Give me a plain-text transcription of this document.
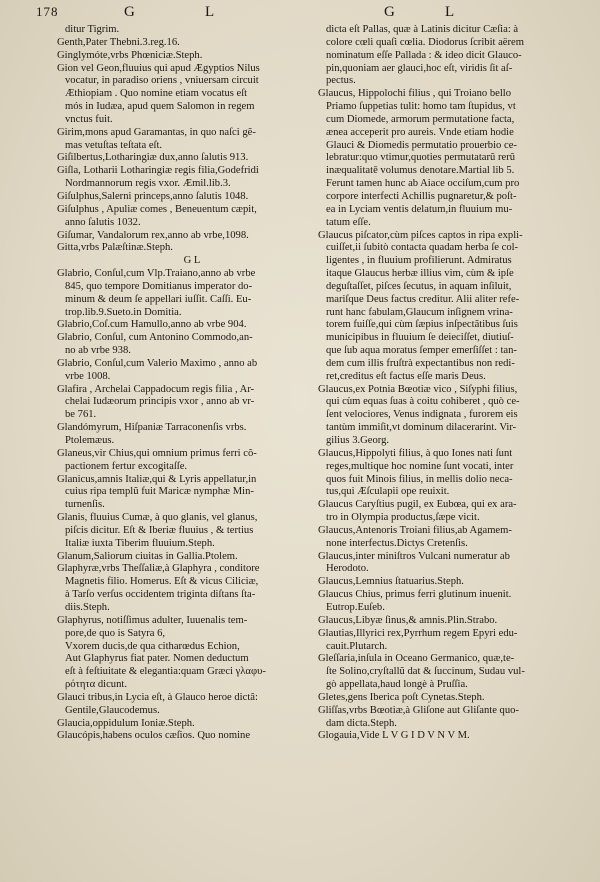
178	G	L	G	L
ditur Tigrim.
Genth,Pater Thebni.3.reg.16.
Ginglymóte,vrbs Phœniciæ.Steph.
Gion vel Geon,fluuius qui apud Ægyptios Nilus
vocatur, in paradiso oriens , vniuersam circuit
Æthiopiam . Quo nomine etiam vocatus eſt
mós in Iudæa, apud quem Salomon in regem
vnctus fuit.
Girim,mons apud Garamantas, in quo naſci gẽ-
mas vetuſtas teſtata eſt.
Giſilbertus,Lotharingiæ dux,anno ſalutis 913.
Giſla, Lotharii Lotharingiæ regis filia,Godefridi
Nordmannorum regis vxor. Æmil.lib.3.
Giſulphus,Salerni princeps,anno ſalutis 1048.
Giſulphus , Apuliæ comes , Beneuentum cæpit,
anno ſalutis 1032.
Giſumar, Vandalorum rex,anno ab vrbe,1098.
Gitta,vrbs Palæſtinæ.Steph.
G L
Glabrio, Conſul,cum Vlp.Traiano,anno ab vrbe
845, quo tempore Domitianus imperator do-
minum & deum ſe appellari iuſſit. Caſſi. Eu-
trop.lib.9.Sueto.in Domitia.
Glabrio,Coſ.cum Hamullo,anno ab vrbe 904.
Glabrio, Conſul, cum Antonino Commodo,an-
no ab vrbe 938.
Glabrio, Conſul,cum Valerio Maximo , anno ab
vrbe 1008.
Glafira , Archelai Cappadocum regis filia , Ar-
chelai Iudæorum principis vxor , anno ab vr-
be 761.
Glandómyrum, Hiſpaniæ Tarraconenſis vrbs.
Ptolemæus.
Glaneus,vir Chius,qui omnium primus ferri cõ-
pactionem fertur excogitaſſe.
Glanicus,amnis Italiæ,qui & Lyris appellatur,in
cuius ripa templũ fuit Maricæ nymphæ Min-
turnenſis.
Glanis, fluuius Cumæ, à quo glanis, vel glanus,
piſcis dicitur. Eſt & Iberiæ fluuius , & tertius
Italiæ iuxta Tiberim fluuium.Steph.
Glanum,Saliorum ciuitas in Gallia.Ptolem.
Glaphyræ,vrbs Theſſaliæ,à Glaphyra , conditore
Magnetis filio. Homerus. Eſt & vicus Ciliciæ,
à Tarſo verſus occidentem triginta diſtans ſta-
diis.Steph.
Glaphyrus, notiſſimus adulter, Iuuenalis tem-
pore,de quo is Satyra 6,
Vxorem ducis,de qua citharœdus Echion,
Aut Glaphyrus fiat pater. Nomen deductum
eſt à feſtiuitate & elegantia:quam Græci γλαφυ-
ρότητα dicunt.
Glauci tribus,in Lycia eſt, à Glauco heroe dictâ:
Gentile,Glaucodemus.
Glaucia,oppidulum Ioniæ.Steph.
Glaucópis,habens oculos cæſios. Quo nomine
dicta eſt Pallas, quæ à Latinis dicitur Cæſia: à
colore cœli quaſi cœlia. Diodorus ſcribit aërem
nominatum eſſe Pallada : & ideo dicit Glauco-
pin,quoniam aer glauci,hoc eſt, viridis ſit aſ-
pectus.
Glaucus, Hippolochi filius , qui Troiano bello
Priamo ſuppetias tulit: homo tam ſtupidus, vt
cum Diomede, armorum permutatione facta,
ænea acceperit pro aureis. Vnde etiam hodie
Glauci & Diomedis permutatio prouerbio ce-
lebratur:quo vtimur,quoties permutatarũ rerũ
inæqualitatē volumus denotare.Martial lib 5.
Ferunt tamen hunc ab Aiace occiſum,cum pro
corpore interfecti Achillis pugnaretur,& poſt-
ea in Lyciam ventis delatum,in fluuium mu-
tatum eſſe.
Glaucus piſcator,cùm piſces captos in ripa expli-
cuiſſet,ii ſubitò contacta quadam herba ſe col-
ligentes , in fluuium profilierunt. Admiratus
itaque Glaucus herbæ illius vim, cùm & ipſe
deguſtaſſet, piſces ſecutus, in aquam inſiluit,
mariſque Deus factus creditur. Alii aliter refe-
runt hanc fabulam,Glaucum inſignem vrina-
torem fuiſſe,qui cùm ſæpius inſpectãtibus ſuis
municipibus in fluuium ſe deieciſſet, diutiuſ-
que ſub aqua moratus ſemper emerſiſſet : tan-
dem cum illis fruſtrà expectantibus non redi-
ret,creditus eſt factus eſſe maris Deus.
Glaucus,ex Potnia Bœotiæ vico , Siſyphi filius,
qui cùm equas ſuas à coitu cohiberet , quò ce-
ſent velociores, Venus indignata , furorem eis
tantùm immiſit,vt dominum dilacerarint. Vir-
gilius 3.Georg.
Glaucus,Hippolyti filius, à quo Iones nati ſunt
reges,multique hoc nomine ſunt vocati, inter
quos fuit Minois filius, in mellis dolio neca-
tus,qui Æſculapii ope reuixit.
Glaucus Caryſtius pugil, ex Eubœa, qui ex ara-
tro in Olympia productus,ſæpe vicit.
Glaucus,Antenoris Troiani filius,ab Agamem-
none interfectus.Dictys Cretenſis.
Glaucus,inter miniſtros Vulcani numeratur ab
Herodoto.
Glaucus,Lemnius ſtatuarius.Steph.
Glaucus Chius, primus ferri glutinum inuenit.
Eutrop.Euſeb.
Glaucus,Libyæ ſinus,& amnis.Plin.Strabo.
Glautias,Illyrici rex,Pyrrhum regem Epyri edu-
cauit.Plutarch.
Gleſſaria,inſula in Oceano Germanico, quæ,te-
ſte Solino,cryſtallũ dat & ſuccinum, Sudau vul-
gò appellata,haud longè à Pruſſia.
Gletes,gens Iberica poſt Cynetas.Steph.
Gliſſas,vrbs Bœotiæ,à Gliſone aut Gliſante quo-
dam dicta.Steph.
Glogauia,Vide L V G I D V N V M.
